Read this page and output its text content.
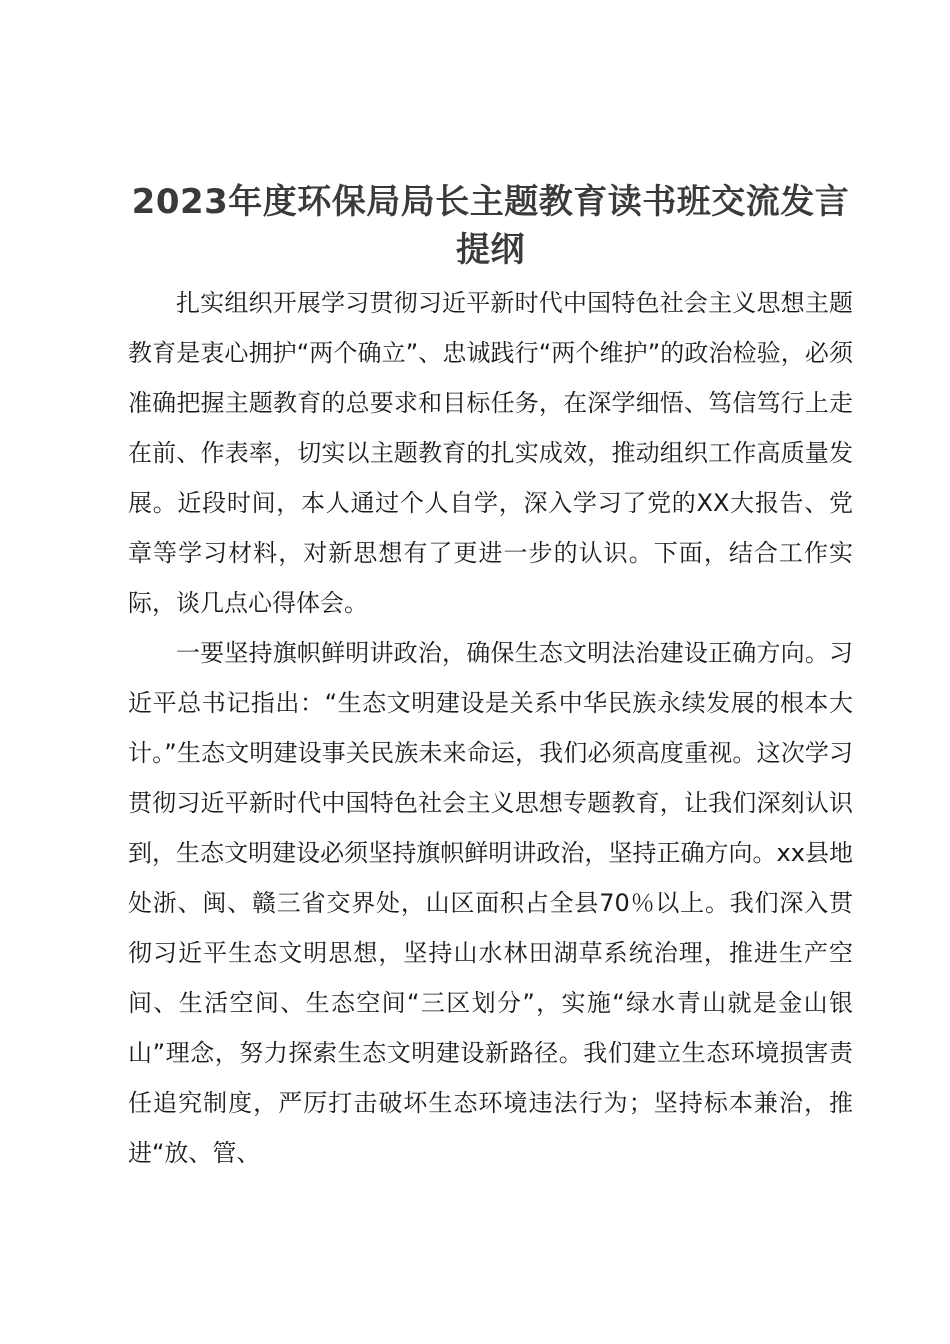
2023年度环保局局长主题教育读书班交流发言提纲

扎实组织开展学习贯彻习近平新时代中国特色社会主义思想主题教育是衷心拥护“两个确立”、忠诚践行“两个维护”的政治检验，必须准确把握主题教育的总要求和目标任务，在深学细悟、笃信笃行上走在前、作表率，切实以主题教育的扎实成效，推动组织工作高质量发展。近段时间，本人通过个人自学，深入学习了党的XX大报告、党章等学习材料，对新思想有了更进一步的认识。下面，结合工作实际，谈几点心得体会。

一要坚持旗帜鲜明讲政治，确保生态文明法治建设正确方向。习近平总书记指出：“生态文明建设是关系中华民族永续发展的根本大计。”生态文明建设事关民族未来命运，我们必须高度重视。这次学习贯彻习近平新时代中国特色社会主义思想专题教育，让我们深刻认识到，生态文明建设必须坚持旗帜鲜明讲政治，坚持正确方向。xx县地处浙、闽、赣三省交界处，山区面积占全县70％以上。我们深入贯彻习近平生态文明思想，坚持山水林田湖草系统治理，推进生产空间、生活空间、生态空间“三区划分”，实施“绿水青山就是金山银山”理念，努力探索生态文明建设新路径。我们建立生态环境损害责任追究制度，严厉打击破坏生态环境违法行为；坚持标本兼治，推进“放、管、
